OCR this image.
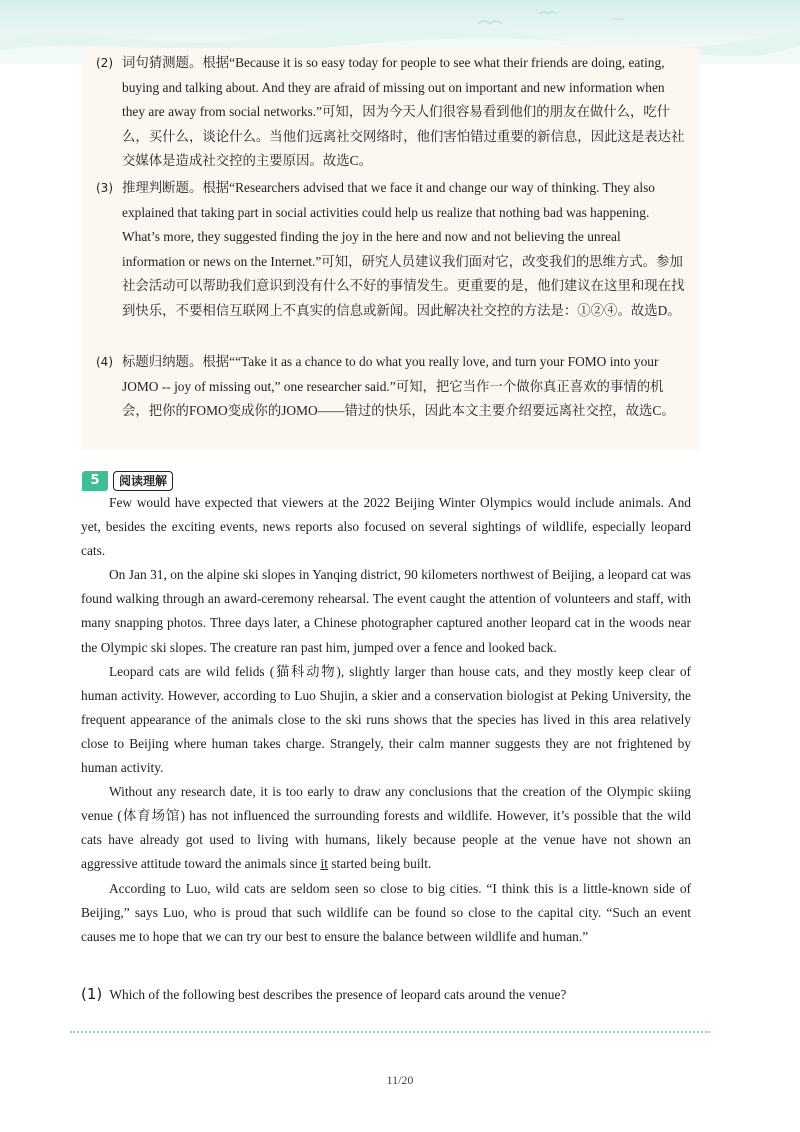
(2) 词句猜测题。根据“Because it is so easy today for people to see what their friends are doing, eating, buying and talking about. And they are afraid of missing out on important and new information when they are away from social networks.”可知，因为今天人们很容易看到他们的朋友在做什么，吃什么，买什么，谈论什么。当他们远离社交网络时，他们害怕错过重要的新信息，因此这是表达社交媒体是造成社交控的主要原因。故选C。
(3) 推理判断题。根据“Researchers advised that we face it and change our way of thinking. They also explained that taking part in social activities could help us realize that nothing bad was happening. What’s more, they suggested finding the joy in the here and now and not believing the unreal information or news on the Internet.”可知，研究人员建议我们面对它，改变我们的思维方式。参加社会活动可以帮助我们意识到没有什么不好的事情发生。更重要的是，他们建议在这里和现在找到快乐，不要相信互联网上不真实的信息或新闻。因此解决社交控的方法是：①②④。故选D。
(4) 标题归纳题。根据““Take it as a chance to do what you really love, and turn your FOMO into your JOMO -- joy of missing out,” one researcher said.”可知，把它当作一个做你真正喜欢的事情的机会，把你的FOMO变成你的JOMO——错过的快乐，因此本文主要介绍要远离社交控，故选C。
5	阅读理解

Few would have expected that viewers at the 2022 Beijing Winter Olympics would include animals. And yet, besides the exciting events, news reports also focused on several sightings of wildlife, especially leopard cats.

On Jan 31, on the alpine ski slopes in Yanqing district, 90 kilometers northwest of Beijing, a leopard cat was found walking through an award-ceremony rehearsal. The event caught the attention of volunteers and staff, with many snapping photos. Three days later, a Chinese photographer captured another leopard cat in the woods near the Olympic ski slopes. The creature ran past him, jumped over a fence and looked back.

Leopard cats are wild felids (猫科动物), slightly larger than house cats, and they mostly keep clear of human activity. However, according to Luo Shujin, a skier and a conservation biologist at Peking University, the frequent appearance of the animals close to the ski runs shows that the species has lived in this area relatively close to Beijing where human takes charge. Strangely, their calm manner suggests they are not frightened by human activity.

Without any research date, it is too early to draw any conclusions that the creation of the Olympic skiing venue (体育场馆) has not influenced the surrounding forests and wildlife. However, it’s possible that the wild cats have already got used to living with humans, likely because people at the venue have not shown an aggressive attitude toward the animals since it started being built.

According to Luo, wild cats are seldom seen so close to big cities. “I think this is a little-known side of Beijing,” says Luo, who is proud that such wildlife can be found so close to the capital city. “Such an event causes me to hope that we can try our best to ensure the balance between wildlife and human.”

(1) Which of the following best describes the presence of leopard cats around the venue?
11/20
